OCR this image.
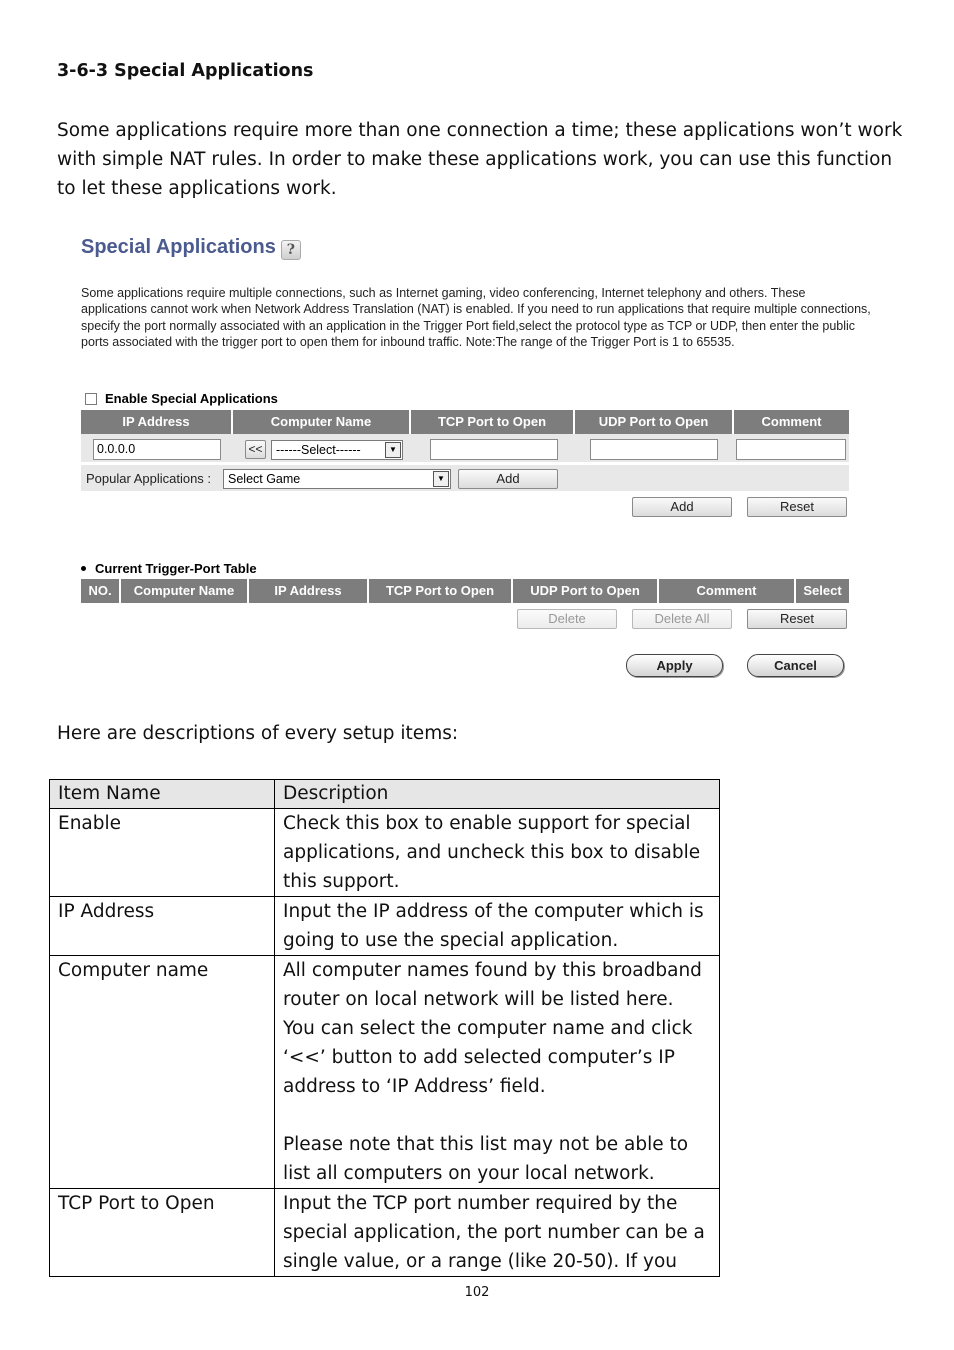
3-6-3 Special Applications
Some applications require more than one connection a time; these applications won’t work with simple NAT rules. In order to make these applications work, you can use this function to let these applications work.
Special Applications ?
Some applications require multiple connections, such as Internet gaming, video conferencing, Internet telephony and others. These applications cannot work when Network Address Translation (NAT) is enabled. If you need to run applications that require multiple connections, specify the port normally associated with an application in the Trigger Port field,select the protocol type as TCP or UDP, then enter the public ports associated with the trigger port to open them for inbound traffic. Note:The range of the Trigger Port is 1 to 65535.
Enable Special Applications
IP Address	Computer Name	TCP Port to Open	UDP Port to Open	Comment
0.0.0.0	<<	------Select------	▼
Popular Applications :	Select Game	▼	Add
Add	Reset
Current Trigger-Port Table
NO.	Computer Name	IP Address	TCP Port to Open	UDP Port to Open	Comment	Select
Delete	Delete All	Reset
Apply	Cancel
Here are descriptions of every setup items:
Item Name	Description
Enable	Check this box to enable support for special applications, and uncheck this box to disable this support.
IP Address	Input the IP address of the computer which is going to use the special application.
Computer name	All computer names found by this broadband router on local network will be listed here. You can select the computer name and click ‘<<’ button to add selected computer’s IP address to ‘IP Address’ field.
Please note that this list may not be able to list all computers on your local network.
TCP Port to Open	Input the TCP port number required by the special application, the port number can be a single value, or a range (like 20-50). If you
102
